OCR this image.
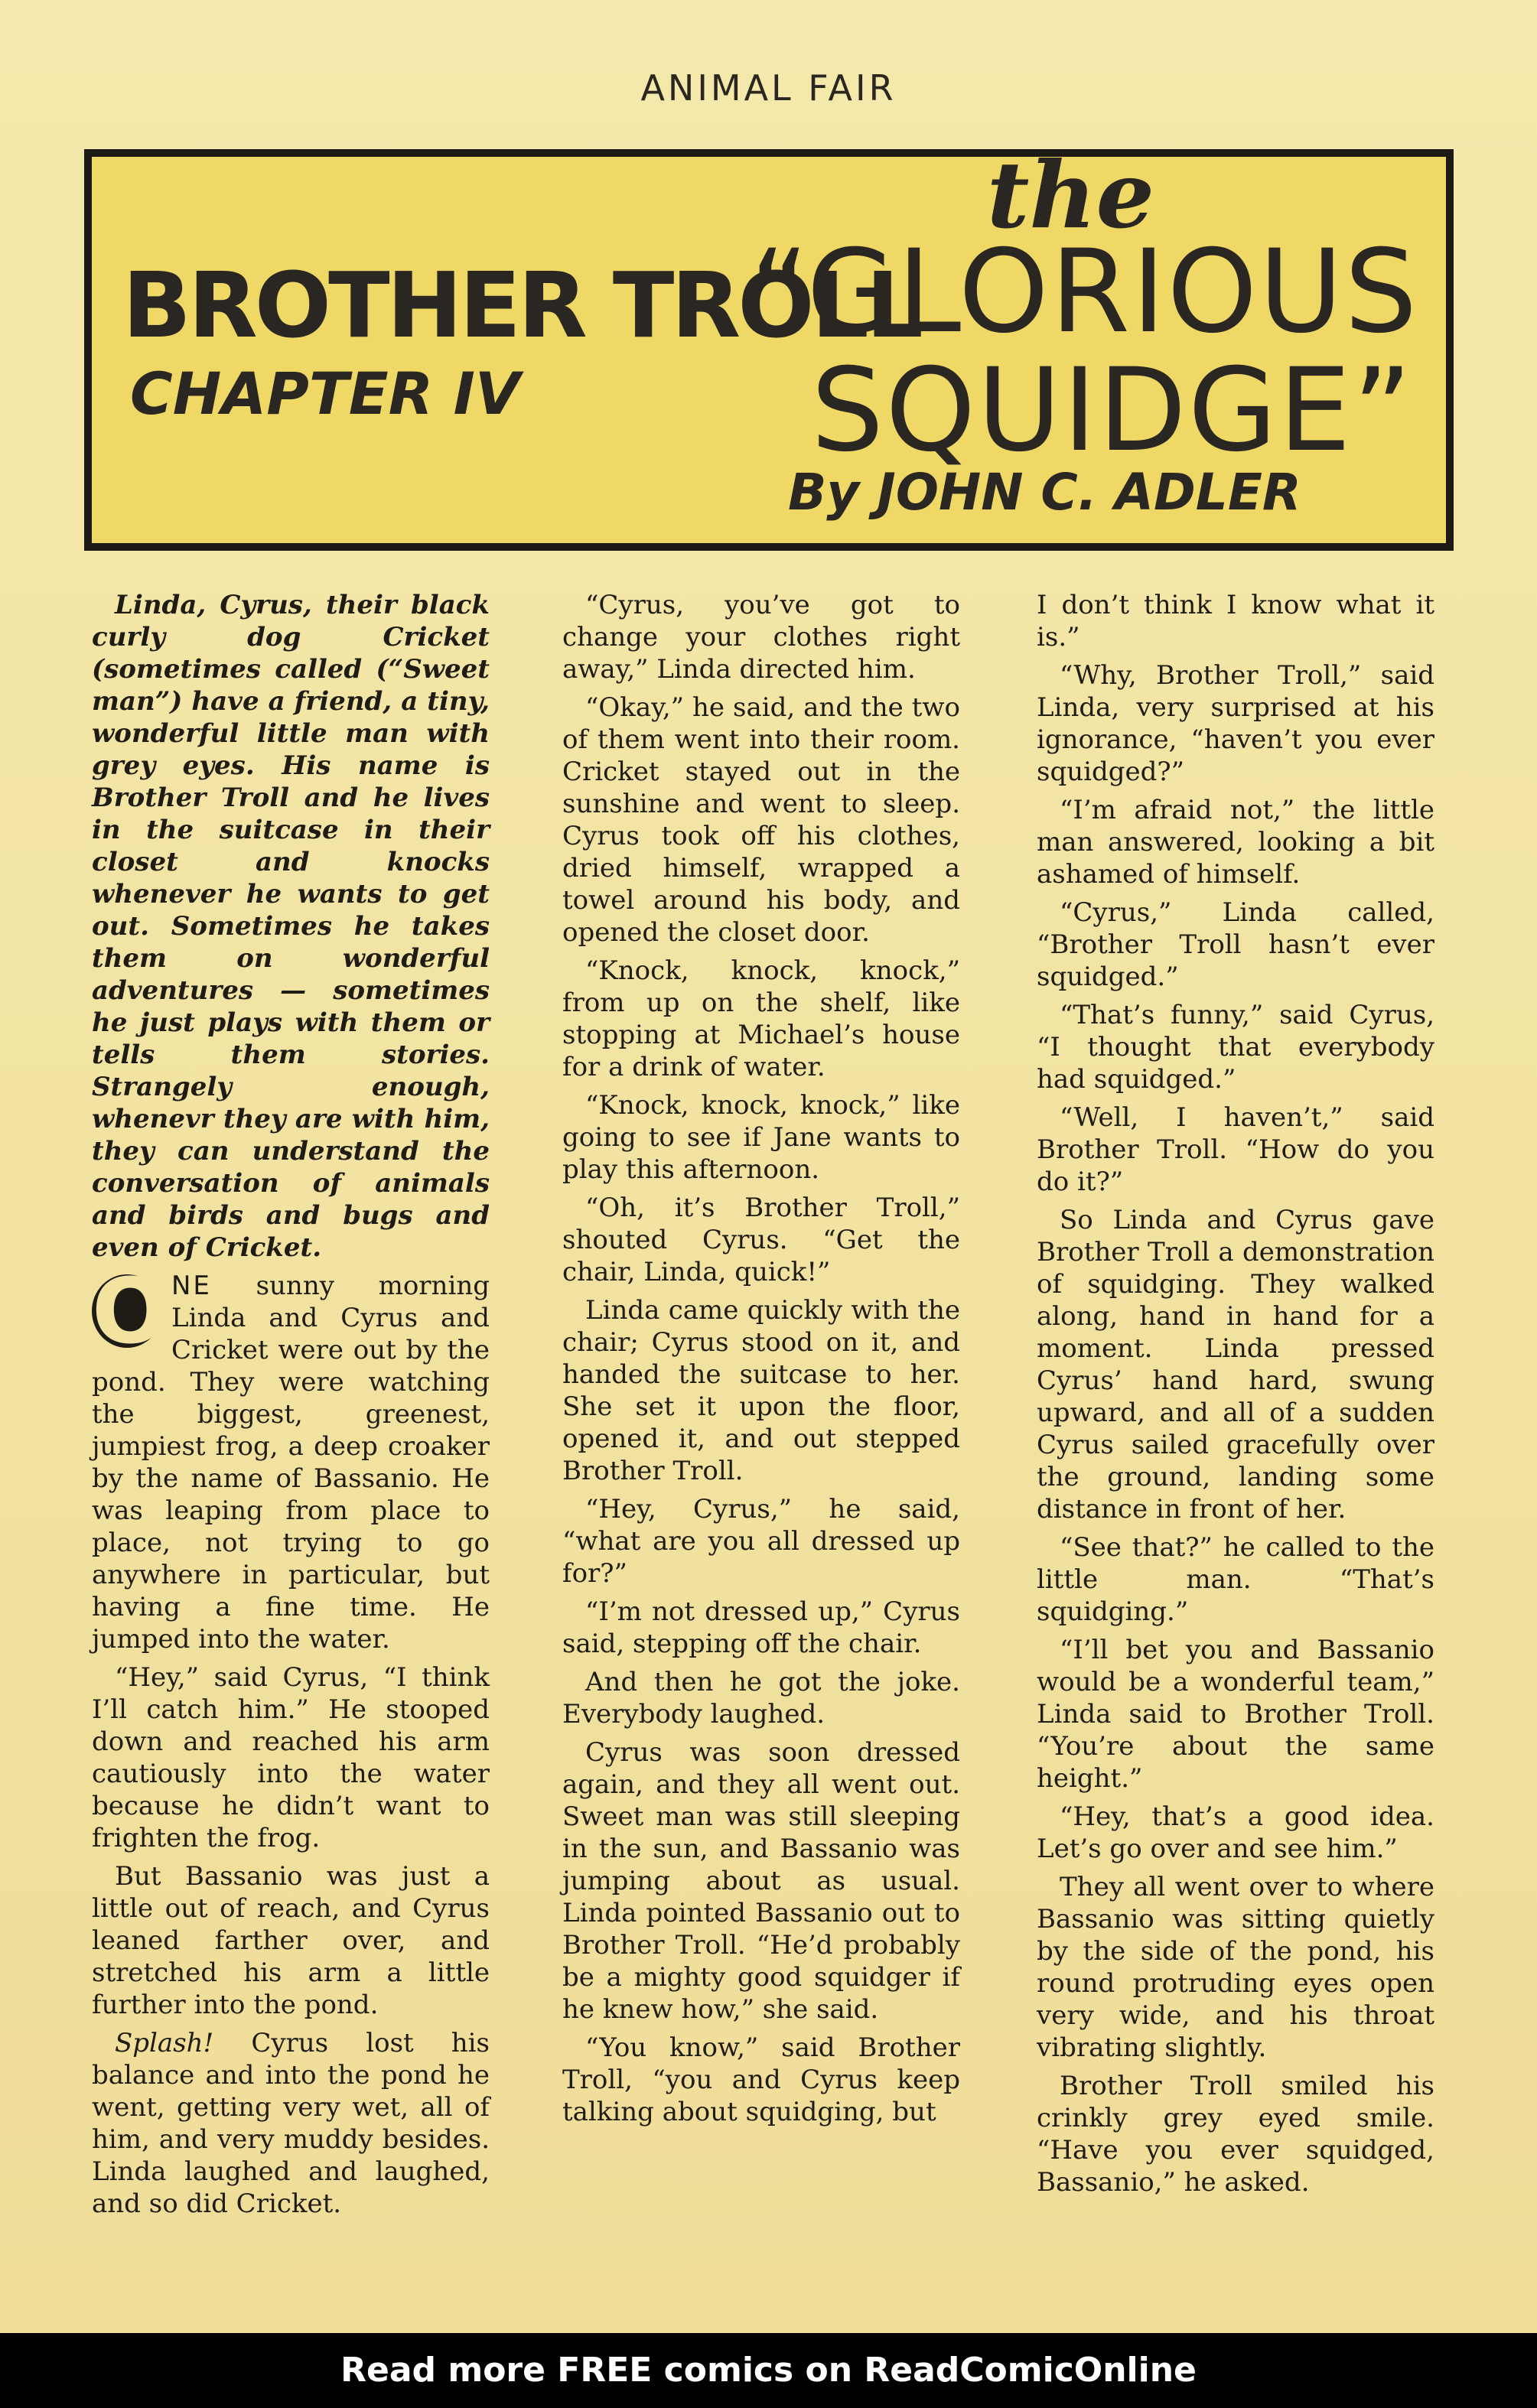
ANIMAL FAIR
BROTHER TROLL
CHAPTER IV
the
“GLORIOUS
SQUIDGE”
By JOHN C. ADLER

Linda, Cyrus, their black curly dog Cricket (sometimes called (“Sweet man”) have a friend, a tiny, wonderful little man with grey eyes. His name is Brother Troll and he lives in the suitcase in their closet and knocks whenever he wants to get out. Sometimes he takes them on wonderful adventures — sometimes he just plays with them or tells them stories. Strangely enough, whenevr they are with him, they can understand the conversation of animals and birds and bugs and even of Cricket.

O NE sunny morning Linda and Cyrus and Cricket were out by the pond. They were watching the biggest, greenest, jumpiest frog, a deep croaker by the name of Bassanio. He was leaping from place to place, not trying to go anywhere in particular, but having a fine time. He jumped into the water.

“Hey,” said Cyrus, “I think I’ll catch him.” He stooped down and reached his arm cautiously into the water because he didn’t want to frighten the frog.

But Bassanio was just a little out of reach, and Cyrus leaned farther over, and stretched his arm a little further into the pond.

Splash! Cyrus lost his balance and into the pond he went, getting very wet, all of him, and very muddy besides. Linda laughed and laughed, and so did Cricket.

“Cyrus, you’ve got to change your clothes right away,” Linda directed him.

“Okay,” he said, and the two of them went into their room. Cricket stayed out in the sunshine and went to sleep. Cyrus took off his clothes, dried himself, wrapped a towel around his body, and opened the closet door.

“Knock, knock, knock,” from up on the shelf, like stopping at Michael’s house for a drink of water.

“Knock, knock, knock,” like going to see if Jane wants to play this afternoon.

“Oh, it’s Brother Troll,” shouted Cyrus. “Get the chair, Linda, quick!”

Linda came quickly with the chair; Cyrus stood on it, and handed the suitcase to her. She set it upon the floor, opened it, and out stepped Brother Troll.

“Hey, Cyrus,” he said, “what are you all dressed up for?”

“I’m not dressed up,” Cyrus said, stepping off the chair.

And then he got the joke. Everybody laughed.

Cyrus was soon dressed again, and they all went out. Sweet man was still sleeping in the sun, and Bassanio was jumping about as usual. Linda pointed Bassanio out to Brother Troll. “He’d probably be a mighty good squidger if he knew how,” she said.

“You know,” said Brother Troll, “you and Cyrus keep talking about squidging, but

I don’t think I know what it is.”

“Why, Brother Troll,” said Linda, very surprised at his ignorance, “haven’t you ever squidged?”

“I’m afraid not,” the little man answered, looking a bit ashamed of himself.

“Cyrus,” Linda called, “Brother Troll hasn’t ever squidged.”

“That’s funny,” said Cyrus, “I thought that everybody had squidged.”

“Well, I haven’t,” said Brother Troll. “How do you do it?”

So Linda and Cyrus gave Brother Troll a demonstration of squidging. They walked along, hand in hand for a moment. Linda pressed Cyrus’ hand hard, swung upward, and all of a sudden Cyrus sailed gracefully over the ground, landing some distance in front of her.

“See that?” he called to the little man. “That’s squidging.”

“I’ll bet you and Bassanio would be a wonderful team,” Linda said to Brother Troll. “You’re about the same height.”

“Hey, that’s a good idea. Let’s go over and see him.”

They all went over to where Bassanio was sitting quietly by the side of the pond, his round protruding eyes open very wide, and his throat vibrating slightly.

Brother Troll smiled his crinkly grey eyed smile. “Have you ever squidged, Bassanio,” he asked.

Read more FREE comics on ReadComicOnline
